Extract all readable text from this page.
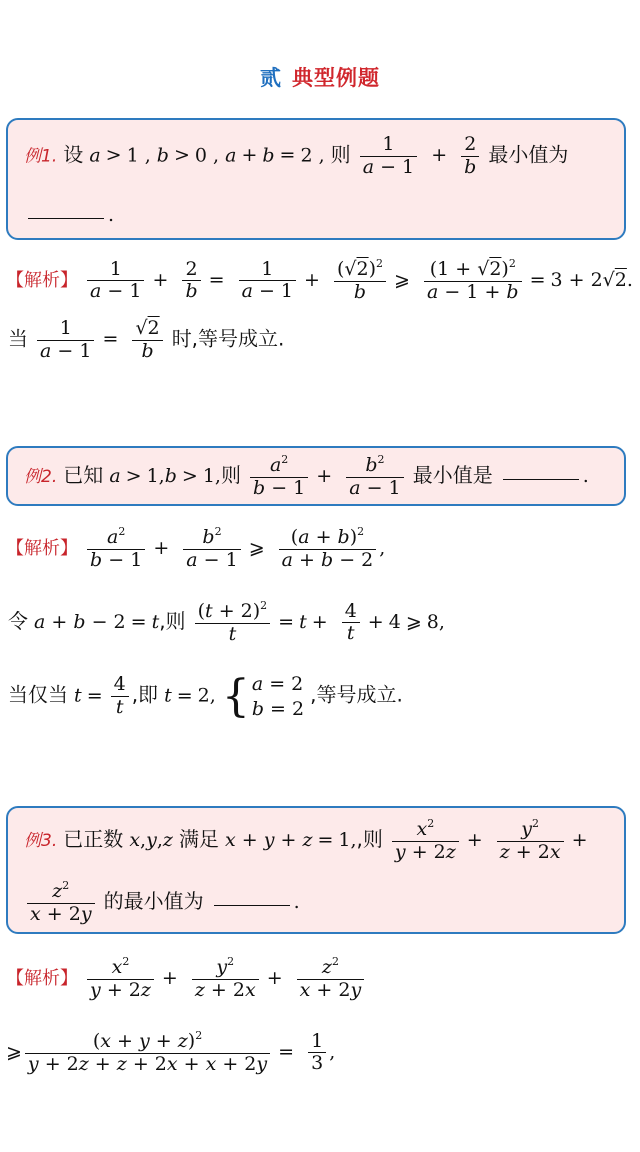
贰 典型例题
例1. 设 a > 1 , b > 0 , a + b = 2 , 则 $\frac{1}{a - 1} + \frac{2}{b}$ 最小值为
.
【解析】 $\frac{1}{a - 1} + \frac{2}{b} = \frac{1}{a - 1} + \frac{(√2)^2}{b}$ ⩾ $\frac{(1 + √2)^2}{a - 1 + b} = 3 + 2√2$.
当 $\frac{1}{a - 1} = \frac{√2}{b}$ 时,等号成立.
例2. 已知 a > 1,b > 1,则 $\frac{a^2}{b - 1} + \frac{b^2}{a - 1}$ 最小值是	.
【解析】 $\frac{a^2}{b - 1} + \frac{b^2}{a - 1}$ ⩾ $\frac{(a + b)^2}{a + b - 2}$ ,
令 a + b − 2 = t,则 $\frac{(t + 2)^2}{t} = t + \frac{4}{t} + 4$ ⩾ 8,
当仅当 $t = \frac{4}{t}$ ,即 t = 2, { a = 2
b = 2 ,等号成立.
例3. 已正数 x,y,z 满足 x + y + z = 1,,则 $\frac{x^2}{y + 2z} + \frac{y^2}{z + 2x}$ +
$\frac{z^2}{x + 2y}$ 的最小值为	.
【解析】 $\frac{x^2}{y + 2z} + \frac{y^2}{z + 2x} + \frac{z^2}{x + 2y}$
⩾ $\frac{(x + y + z)^2}{y + 2z + z + 2x + x + 2y} = \frac{1}{3}$ ,
